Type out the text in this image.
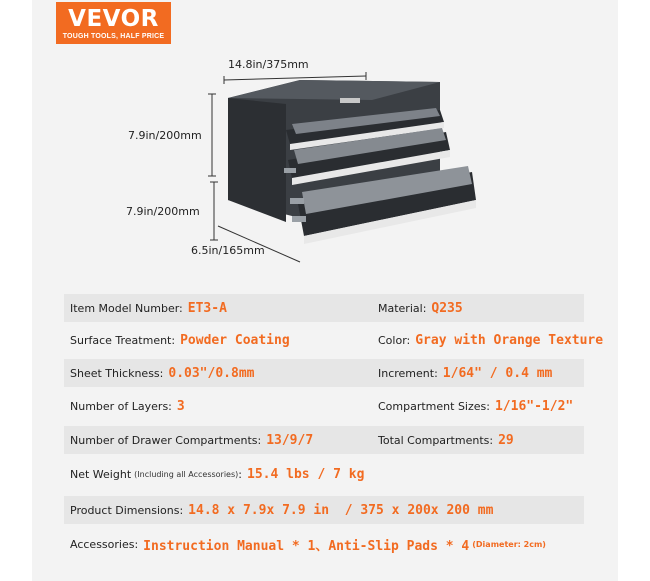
VEVOR
TOUGH TOOLS, HALF PRICE
14.8in/375mm
7.9in/200mm
7.9in/200mm
6.5in/165mm
Item Model Number: ET3-A	Material: Q235
Surface Treatment: Powder Coating	Color: Gray with Orange Texture
Sheet Thickness: 0.03"/0.8mm	Increment: 1/64" / 0.4 mm
Number of Layers: 3	Compartment Sizes: 1/16"-1/2"
Number of Drawer Compartments: 13/9/7	Total Compartments: 29
Net Weight (Including all Accessories) : 15.4 lbs / 7 kg
Product Dimensions: 14.8 x 7.9x 7.9 in  / 375 x 200x 200 mm
Accessories: Instruction Manual * 1、Anti-Slip Pads * 4 (Diameter: 2cm)
